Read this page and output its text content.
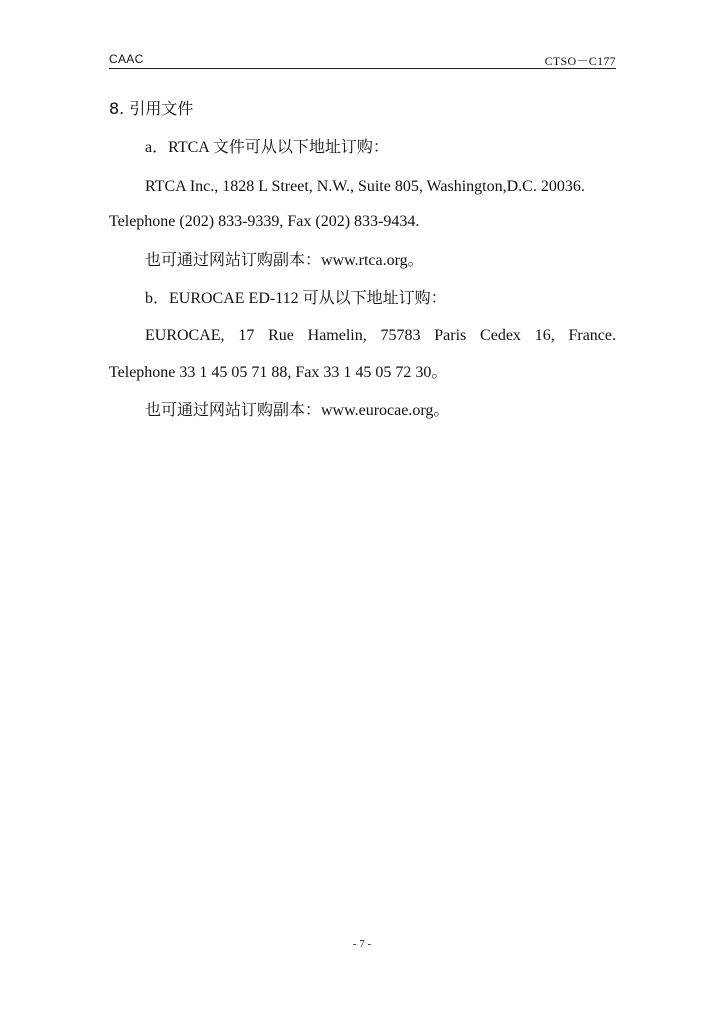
CAAC	CTSO－C177
8. 引用文件
a．RTCA 文件可从以下地址订购：
RTCA Inc., 1828 L Street, N.W., Suite 805, Washington,D.C. 20036.
Telephone (202) 833-9339, Fax (202) 833-9434.
也可通过网站订购副本：www.rtca.org。
b．EUROCAE ED-112 可从以下地址订购：
EUROCAE, 17 Rue Hamelin, 75783 Paris Cedex 16, France.
Telephone 33 1 45 05 71 88, Fax 33 1 45 05 72 30。
也可通过网站订购副本：www.eurocae.org。
- 7 -
